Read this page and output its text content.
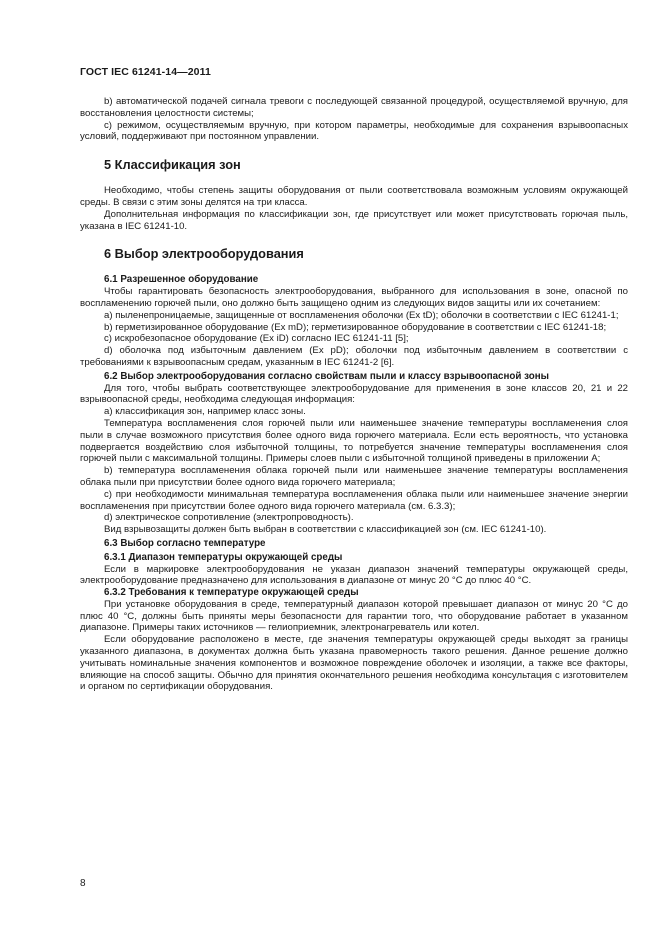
ГОСТ IEC 61241-14—2011

b) автоматической подачей сигнала тревоги с последующей связанной процедурой, осуществляемой вручную, для восстановления целостности системы;

c) режимом, осуществляемым вручную, при котором параметры, необходимые для сохранения взрывоопасных условий, поддерживают при постоянном управлении.

5 Классификация зон

Необходимо, чтобы степень защиты оборудования от пыли соответствовала возможным условиям окружающей среды. В связи с этим зоны делятся на три класса.

Дополнительная информация по классификации зон, где присутствует или может присутствовать горючая пыль, указана в IEC 61241-10.

6 Выбор электрооборудования

6.1 Разрешенное оборудование

Чтобы гарантировать безопасность электрооборудования, выбранного для использования в зоне, опасной по воспламенению горючей пыли, оно должно быть защищено одним из следующих видов защиты или их сочетанием:

a) пыленепроницаемые, защищенные от воспламенения оболочки (Ex tD); оболочки в соответствии с IEC 61241-1;

b) герметизированное оборудование (Ex mD); герметизированное оборудование в соответствии с IEC 61241-18;

c) искробезопасное оборудование (Ex iD) согласно IEC 61241-11 [5];

d) оболочка под избыточным давлением (Ex pD); оболочки под избыточным давлением в соответствии с требованиями к взрывоопасным средам, указанным в IEC 61241-2 [6].

6.2 Выбор электрооборудования согласно свойствам пыли и классу взрывоопасной зоны

Для того, чтобы выбрать соответствующее электрооборудование для применения в зоне классов 20, 21 и 22 взрывоопасной среды, необходима следующая информация:

a) классификация зон, например класс зоны.

Температура воспламенения слоя горючей пыли или наименьшее значение температуры воспламенения слоя пыли в случае возможного присутствия более одного вида горючего материала. Если есть вероятность, что установка подвергается воздействию слоя избыточной толщины, то потребуется значение температуры воспламенения слоя горючей пыли с максимальной толщины. Примеры слоев пыли с избыточной толщиной приведены в приложении А;

b) температура воспламенения облака горючей пыли или наименьшее значение температуры воспламенения облака пыли при присутствии более одного вида горючего материала;

c) при необходимости минимальная температура воспламенения облака пыли или наименьшее значение энергии воспламенения при присутствии более одного вида горючего материала (см. 6.3.3);

d) электрическое сопротивление (электропроводность).

Вид взрывозащиты должен быть выбран в соответствии с классификацией зон (см. IEC 61241-10).

6.3 Выбор согласно температуре

6.3.1 Диапазон температуры окружающей среды

Если в маркировке электрооборудования не указан диапазон значений температуры окружающей среды, электрооборудование предназначено для использования в диапазоне от минус 20 °С до плюс 40 °С.

6.3.2 Требования к температуре окружающей среды

При установке оборудования в среде, температурный диапазон которой превышает диапазон от минус 20 °С до плюс 40 °С, должны быть приняты меры безопасности для гарантии того, что оборудование работает в указанном диапазоне. Примеры таких источников — гелиоприемник, электронагреватель или котел.

Если оборудование расположено в месте, где значения температуры окружающей среды выходят за границы указанного диапазона, в документах должна быть указана правомерность такого решения. Данное решение должно учитывать номинальные значения компонентов и возможное повреждение оболочек и изоляции, а также все факторы, влияющие на способ защиты. Обычно для принятия окончательного решения необходима консультация с изготовителем и органом по сертификации оборудования.

8
